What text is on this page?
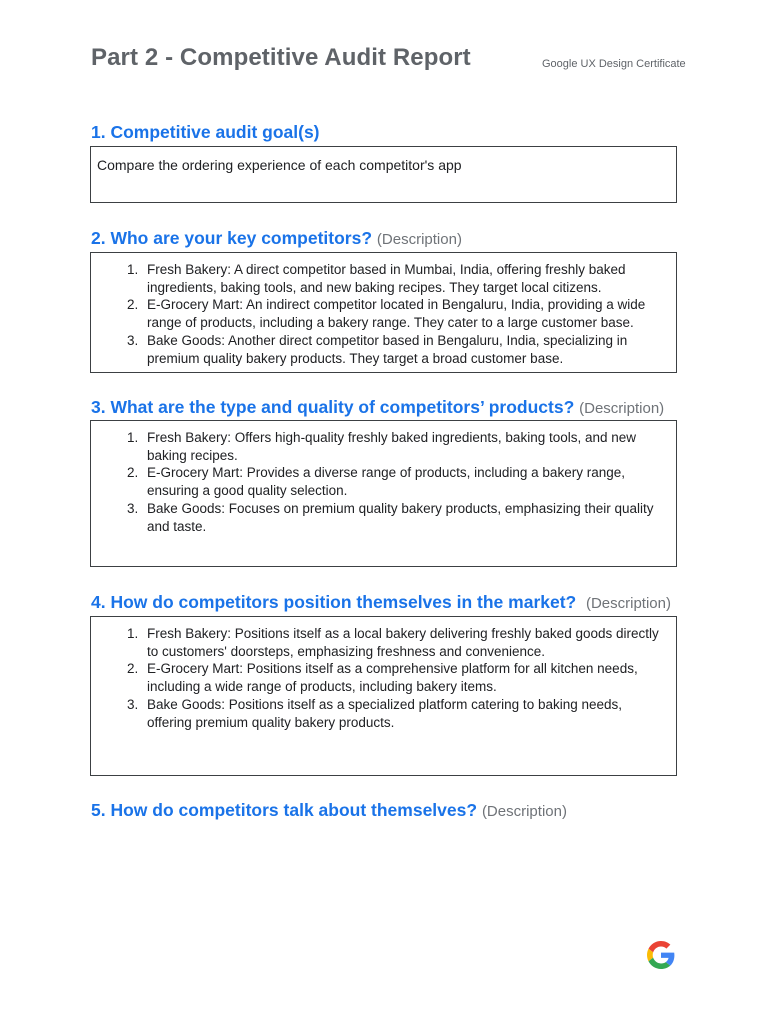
Part 2 - Competitive Audit Report	Google UX Design Certificate
1. Competitive audit goal(s)
Compare the ordering experience of each competitor's app
2. Who are your key competitors? (Description)
1. Fresh Bakery: A direct competitor based in Mumbai, India, offering freshly baked ingredients, baking tools, and new baking recipes. They target local citizens.
2. E-Grocery Mart: An indirect competitor located in Bengaluru, India, providing a wide range of products, including a bakery range. They cater to a large customer base.
3. Bake Goods: Another direct competitor based in Bengaluru, India, specializing in premium quality bakery products. They target a broad customer base.
3. What are the type and quality of competitors’ products? (Description)
1. Fresh Bakery: Offers high-quality freshly baked ingredients, baking tools, and new baking recipes.
2. E-Grocery Mart: Provides a diverse range of products, including a bakery range, ensuring a good quality selection.
3. Bake Goods: Focuses on premium quality bakery products, emphasizing their quality and taste.
4. How do competitors position themselves in the market? (Description)
1. Fresh Bakery: Positions itself as a local bakery delivering freshly baked goods directly to customers' doorsteps, emphasizing freshness and convenience.
2. E-Grocery Mart: Positions itself as a comprehensive platform for all kitchen needs, including a wide range of products, including bakery items.
3. Bake Goods: Positions itself as a specialized platform catering to baking needs, offering premium quality bakery products.
5. How do competitors talk about themselves? (Description)
